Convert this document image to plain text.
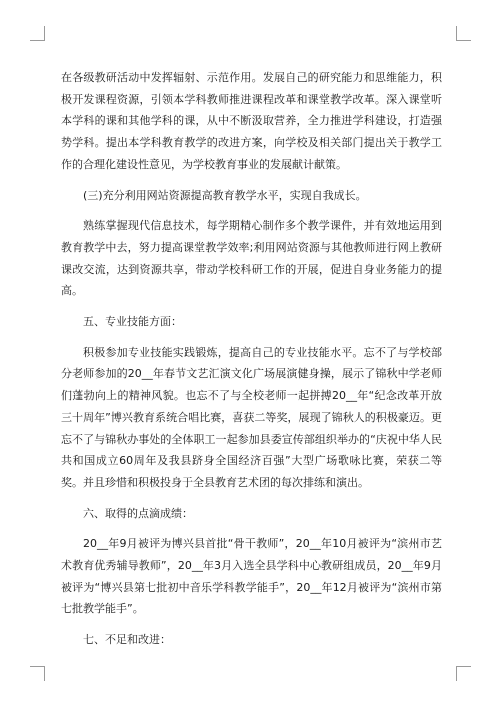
在各级教研活动中发挥辐射、示范作用。发展自己的研究能力和思维能力，积极开发课程资源，引领本学科教师推进课程改革和课堂教学改革。深入课堂听本学科的课和其他学科的课，从中不断汲取营养，全力推进学科建设，打造强势学科。提出本学科教育教学的改进方案，向学校及相关部门提出关于教学工作的合理化建设性意见，为学校教育事业的发展献计献策。

(三)充分利用网站资源提高教育教学水平，实现自我成长。

熟练掌握现代信息技术，每学期精心制作多个教学课件，并有效地运用到教育教学中去，努力提高课堂教学效率;利用网站资源与其他教师进行网上教研课改交流，达到资源共享，带动学校科研工作的开展，促进自身业务能力的提高。

五、专业技能方面：

积极参加专业技能实践锻炼，提高自己的专业技能水平。忘不了与学校部分老师参加的20__年春节文艺汇演文化广场展演健身操，展示了锦秋中学老师们蓬勃向上的精神风貌。也忘不了与全校老师一起拼搏20__年“纪念改革开放三十周年”博兴教育系统合唱比赛，喜获二等奖，展现了锦秋人的积极豪迈。更忘不了与锦秋办事处的全体职工一起参加县委宣传部组织举办的“庆祝中华人民共和国成立60周年及我县跻身全国经济百强”大型广场歌咏比赛，荣获二等奖。并且珍惜和积极投身于全县教育艺术团的每次排练和演出。

六、取得的点滴成绩：

20__年9月被评为博兴县首批“骨干教师”，20__年10月被评为“滨州市艺术教育优秀辅导教师”，20__年3月入选全县学科中心教研组成员，20__年9月被评为“博兴县第七批初中音乐学科教学能手”，20__年12月被评为“滨州市第七批教学能手”。

七、不足和改进：
